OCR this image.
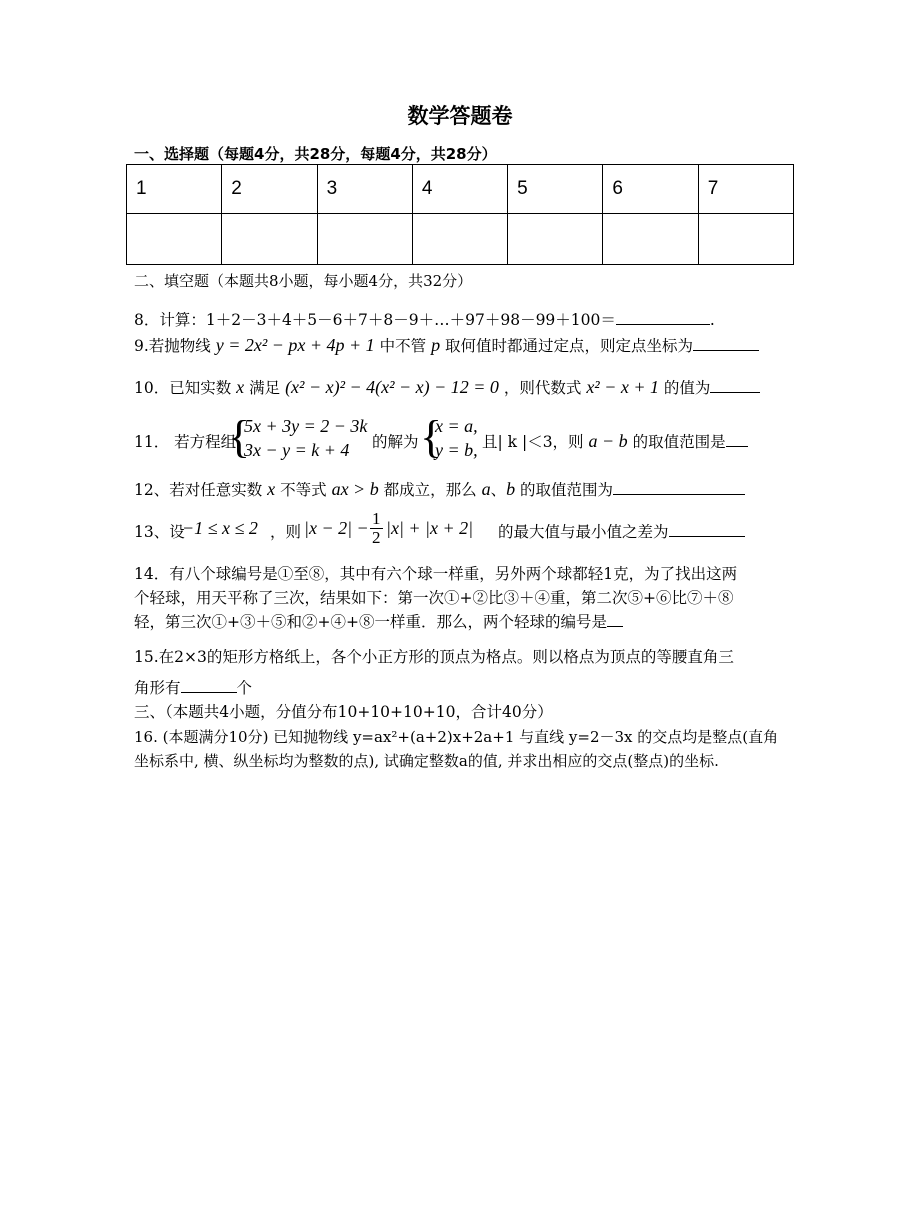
数学答题卷
一、选择题（每题4分，共28分，每题4分，共28分）
1	2	3	4	5	6	7

二、填空题（本题共8小题，每小题4分，共32分）
8．计算：1＋2－3＋4＋5－6＋7＋8－9＋…＋97＋98－99＋100＝	.
9.若抛物线 y = 2x² − px + 4p + 1 中不管 p 取何值时都通过定点，则定点坐标为
10．已知实数 x 满足 (x² − x)² − 4(x² − x) − 12 = 0 ，则代数式 x² − x + 1 的值为
11． 若方程组
{
5x + 3y = 2 − 3k
3x − y = k + 4	的解为 {
x = a,
y = b, 且| k |＜3，则 a − b 的取值范围是
12、若对任意实数 x 不等式 ax > b 都成立，那么 a、b 的取值范围为
13、设
−1 ≤ x ≤ 2 ，则 $|x - 2| - \frac{1}{2} |x| + |x + 2|$ 的最大值与最小值之差为
14．有八个球编号是①至⑧，其中有六个球一样重，另外两个球都轻1克，为了找出这两
个轻球，用天平称了三次，结果如下：第一次①+②比③＋④重，第二次⑤+⑥比⑦＋⑧
轻，第三次①+③＋⑤和②+④+⑧一样重．那么，两个轻球的编号是
15.在2×3的矩形方格纸上，各个小正方形的顶点为格点。则以格点为顶点的等腰直角三
角形有	个
三、（本题共4小题，分值分布10+10+10+10，合计40分）
16. (本题满分10分) 已知抛物线 y=ax²+(a+2)x+2a+1 与直线 y=2－3x 的交点均是整点(直角
坐标系中, 横、纵坐标均为整数的点), 试确定整数a的值, 并求出相应的交点(整点)的坐标.
